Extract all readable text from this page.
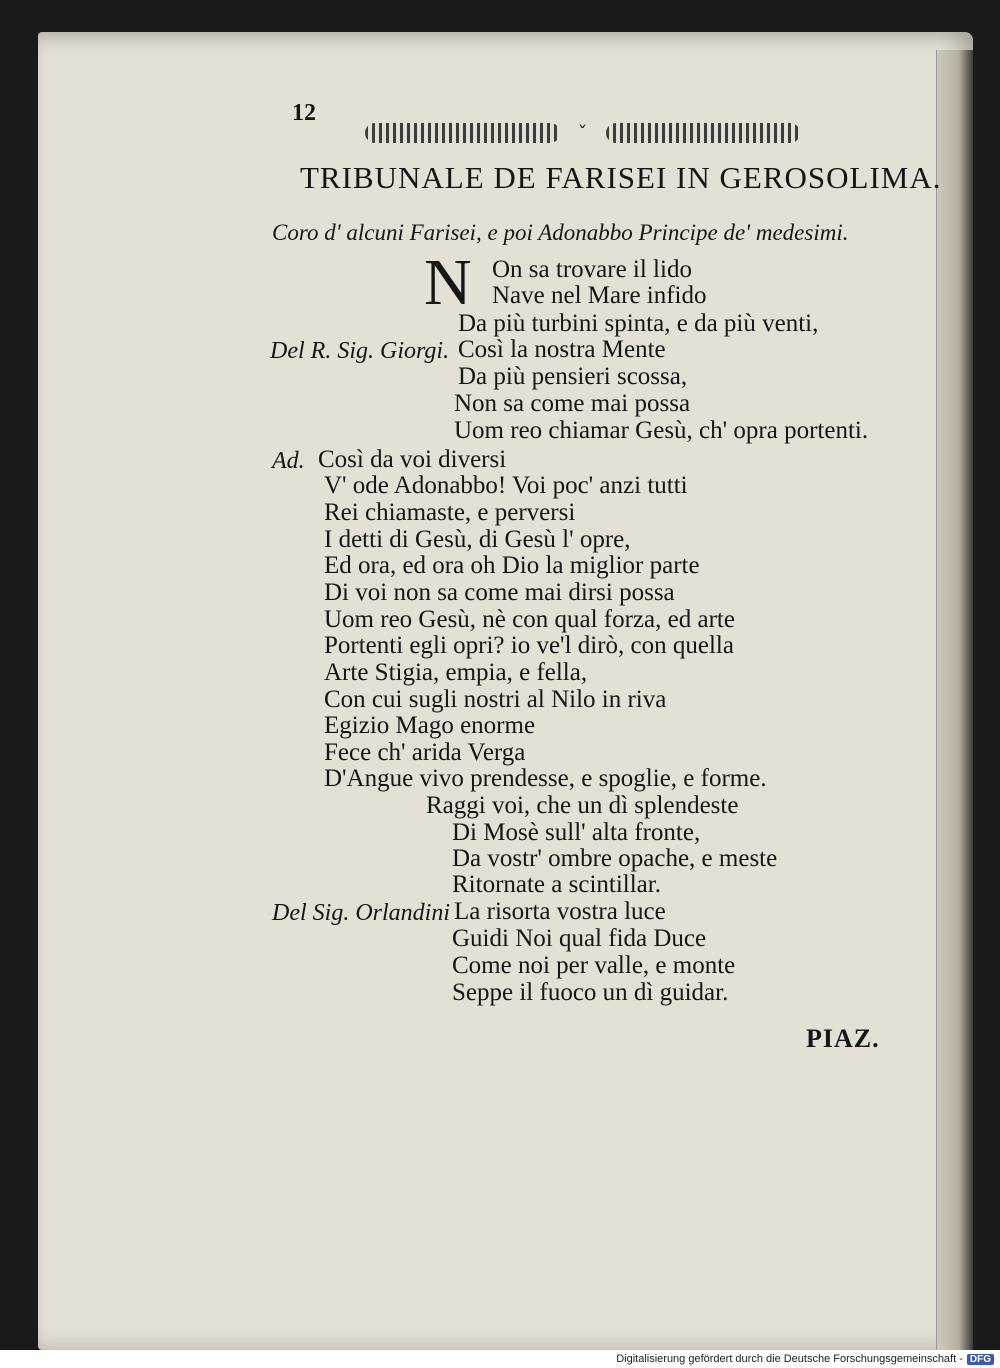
12
ˇ
TRIBUNALE DE FARISEI IN GEROSOLIMA.
Coro d' alcuni Farisei, e poi Adonabbo Principe de' medesimi.
N On sa trovare il lido
Nave nel Mare infido
Da più turbini spinta, e da più venti,
Del R. Sig. Giorgi. Così la nostra Mente
Da più pensieri scossa,
Non sa come mai possa
Uom reo chiamar Gesù, ch' opra portenti.
Ad. Così da voi diversi
V' ode Adonabbo! Voi poc' anzi tutti
Rei chiamaste, e perversi
I detti di Gesù, di Gesù l' opre,
Ed ora, ed ora oh Dio la miglior parte
Di voi non sa come mai dirsi possa
Uom reo Gesù, nè con qual forza, ed arte
Portenti egli opri? io ve'l dirò, con quella
Arte Stigia, empia, e fella,
Con cui sugli nostri al Nilo in riva
Egizio Mago enorme
Fece ch' arida Verga
D'Angue vivo prendesse, e spoglie, e forme.
Raggi voi, che un dì splendeste
Di Mosè sull' alta fronte,
Da vostr' ombre opache, e meste
Ritornate a scintillar.
Del Sig. Orlandini La risorta vostra luce
Guidi Noi qual fida Duce
Come noi per valle, e monte
Seppe il fuoco un dì guidar.
PIAZ.
Digitalisierung gefördert durch die Deutsche Forschungsgemeinschaft - DFG
